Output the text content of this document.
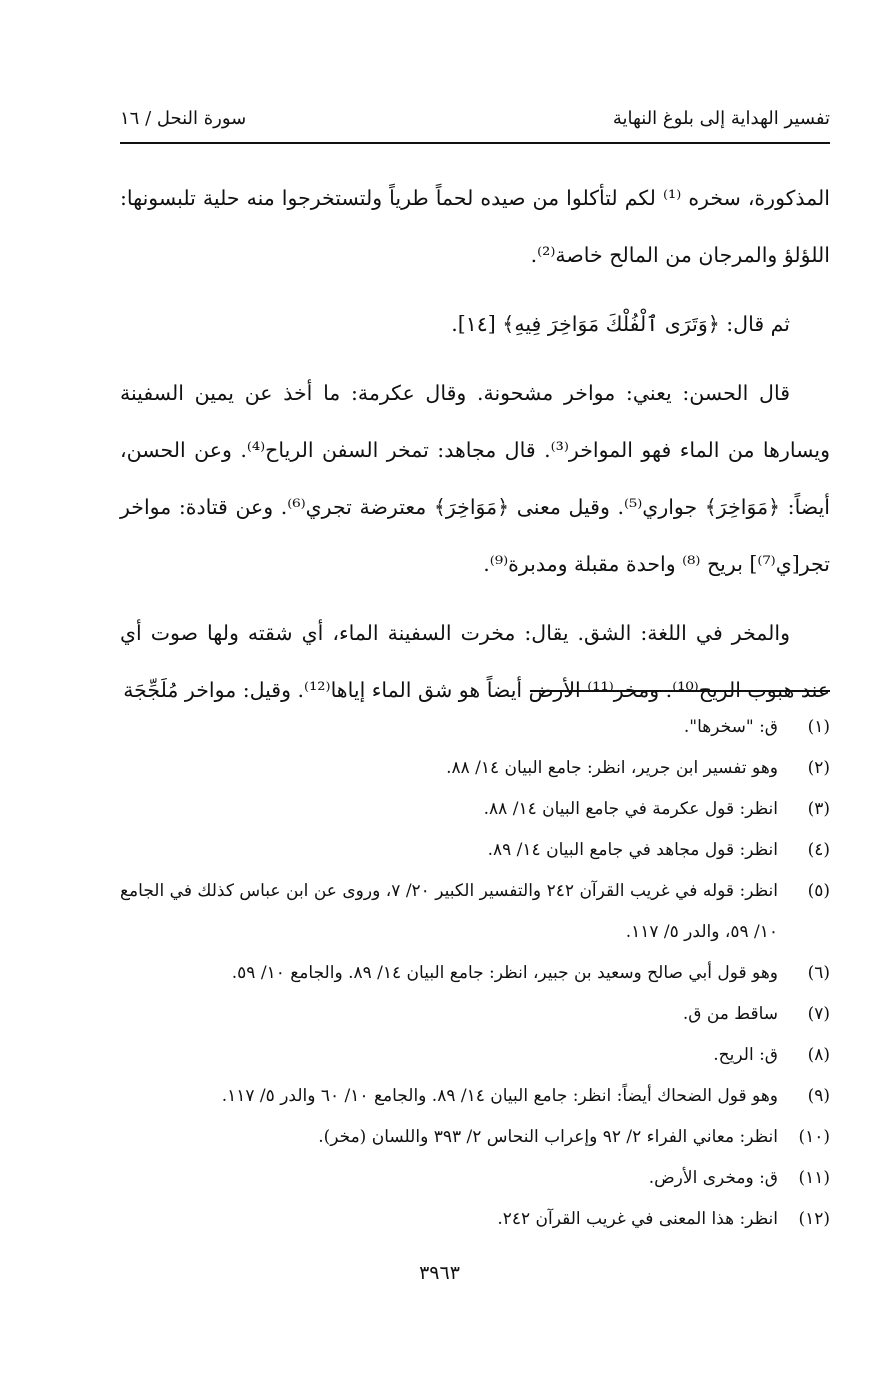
تفسير الهداية إلى بلوغ النهاية
سورة النحل / ١٦

المذكورة، سخره ⁽¹⁾ لكم لتأكلوا من صيده لحماً طرياً ولتستخرجوا منه حلية تلبسونها: اللؤلؤ والمرجان من المالح خاصة⁽²⁾.

ثم قال: ﴿وَتَرَى ٱلْفُلْكَ مَوَاخِرَ فِيهِ﴾ [١٤].

قال الحسن: يعني: مواخر مشحونة. وقال عكرمة: ما أخذ عن يمين السفينة ويسارها من الماء فهو المواخر⁽³⁾. قال مجاهد: تمخر السفن الرياح⁽⁴⁾. وعن الحسن، أيضاً: ﴿مَوَاخِرَ﴾ جواري⁽⁵⁾. وقيل معنى ﴿مَوَاخِرَ﴾ معترضة تجري⁽⁶⁾. وعن قتادة: مواخر تجر[ي⁽⁷⁾] بريح ⁽⁸⁾ واحدة مقبلة ومدبرة⁽⁹⁾.

والمخر في اللغة: الشق. يقال: مخرت السفينة الماء، أي شقته ولها صوت أي عند هبوب الريح⁽¹⁰⁾. ومخر⁽¹¹⁾ الأرض أيضاً هو شق الماء إياها⁽¹²⁾. وقيل: مواخر مُلَجِّجَة

(١)
ق: "سخرها".
(٢)
وهو تفسير ابن جرير، انظر: جامع البيان ١٤/ ٨٨.
(٣)
انظر: قول عكرمة في جامع البيان ١٤/ ٨٨.
(٤)
انظر: قول مجاهد في جامع البيان ١٤/ ٨٩.
(٥)
انظر: قوله في غريب القرآن ٢٤٢ والتفسير الكبير ٢٠/ ٧، وروى عن ابن عباس كذلك في الجامع ١٠/ ٥٩، والدر ٥/ ١١٧.
(٦)
وهو قول أبي صالح وسعيد بن جبير، انظر: جامع البيان ١٤/ ٨٩. والجامع ١٠/ ٥٩.
(٧)
ساقط من ق.
(٨)
ق: الريح.
(٩)
وهو قول الضحاك أيضاً: انظر: جامع البيان ١٤/ ٨٩. والجامع ١٠/ ٦٠ والدر ٥/ ١١٧.
(١٠)
انظر: معاني الفراء ٢/ ٩٢ وإعراب النحاس ٢/ ٣٩٣ واللسان (مخر).
(١١)
ق: ومخرى الأرض.
(١٢)
انظر: هذا المعنى في غريب القرآن ٢٤٢.
٣٩٦٣
